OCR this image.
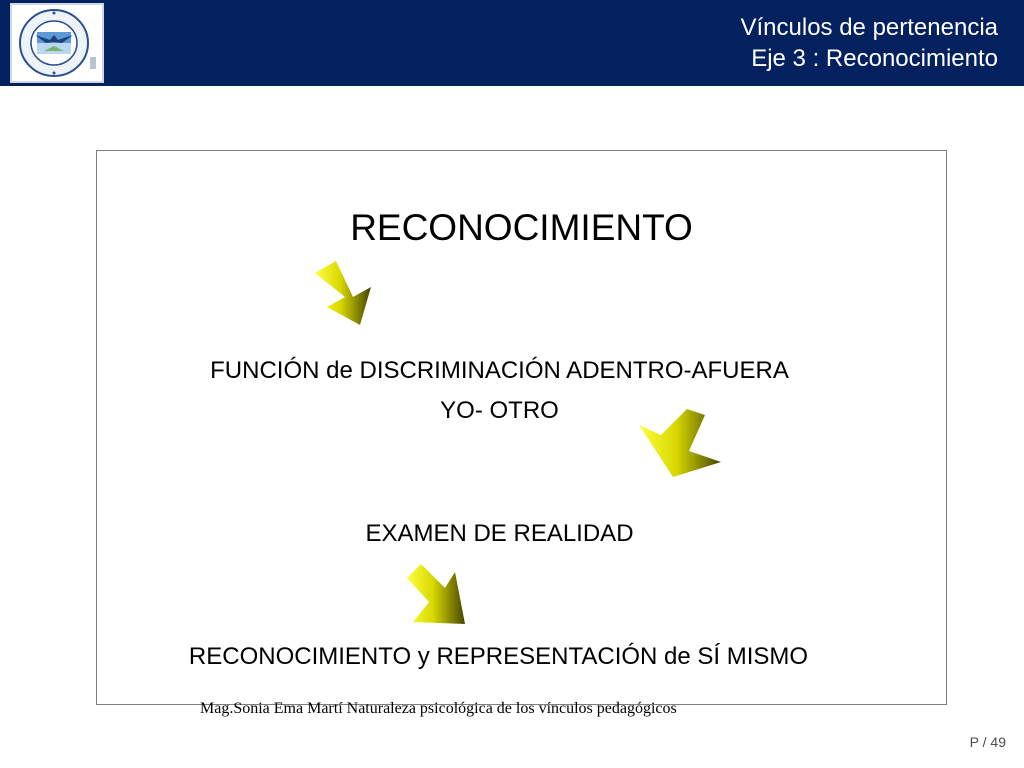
Vínculos de pertenencia
Eje 3 : Reconocimiento
RECONOCIMIENTO
FUNCIÓN de DISCRIMINACIÓN ADENTRO-AFUERA
YO- OTRO
EXAMEN DE REALIDAD
RECONOCIMIENTO y REPRESENTACIÓN de SÍ MISMO
Mag.Sonia Ema Martí Naturaleza psicológica de los vínculos pedagógicos
P / 49
